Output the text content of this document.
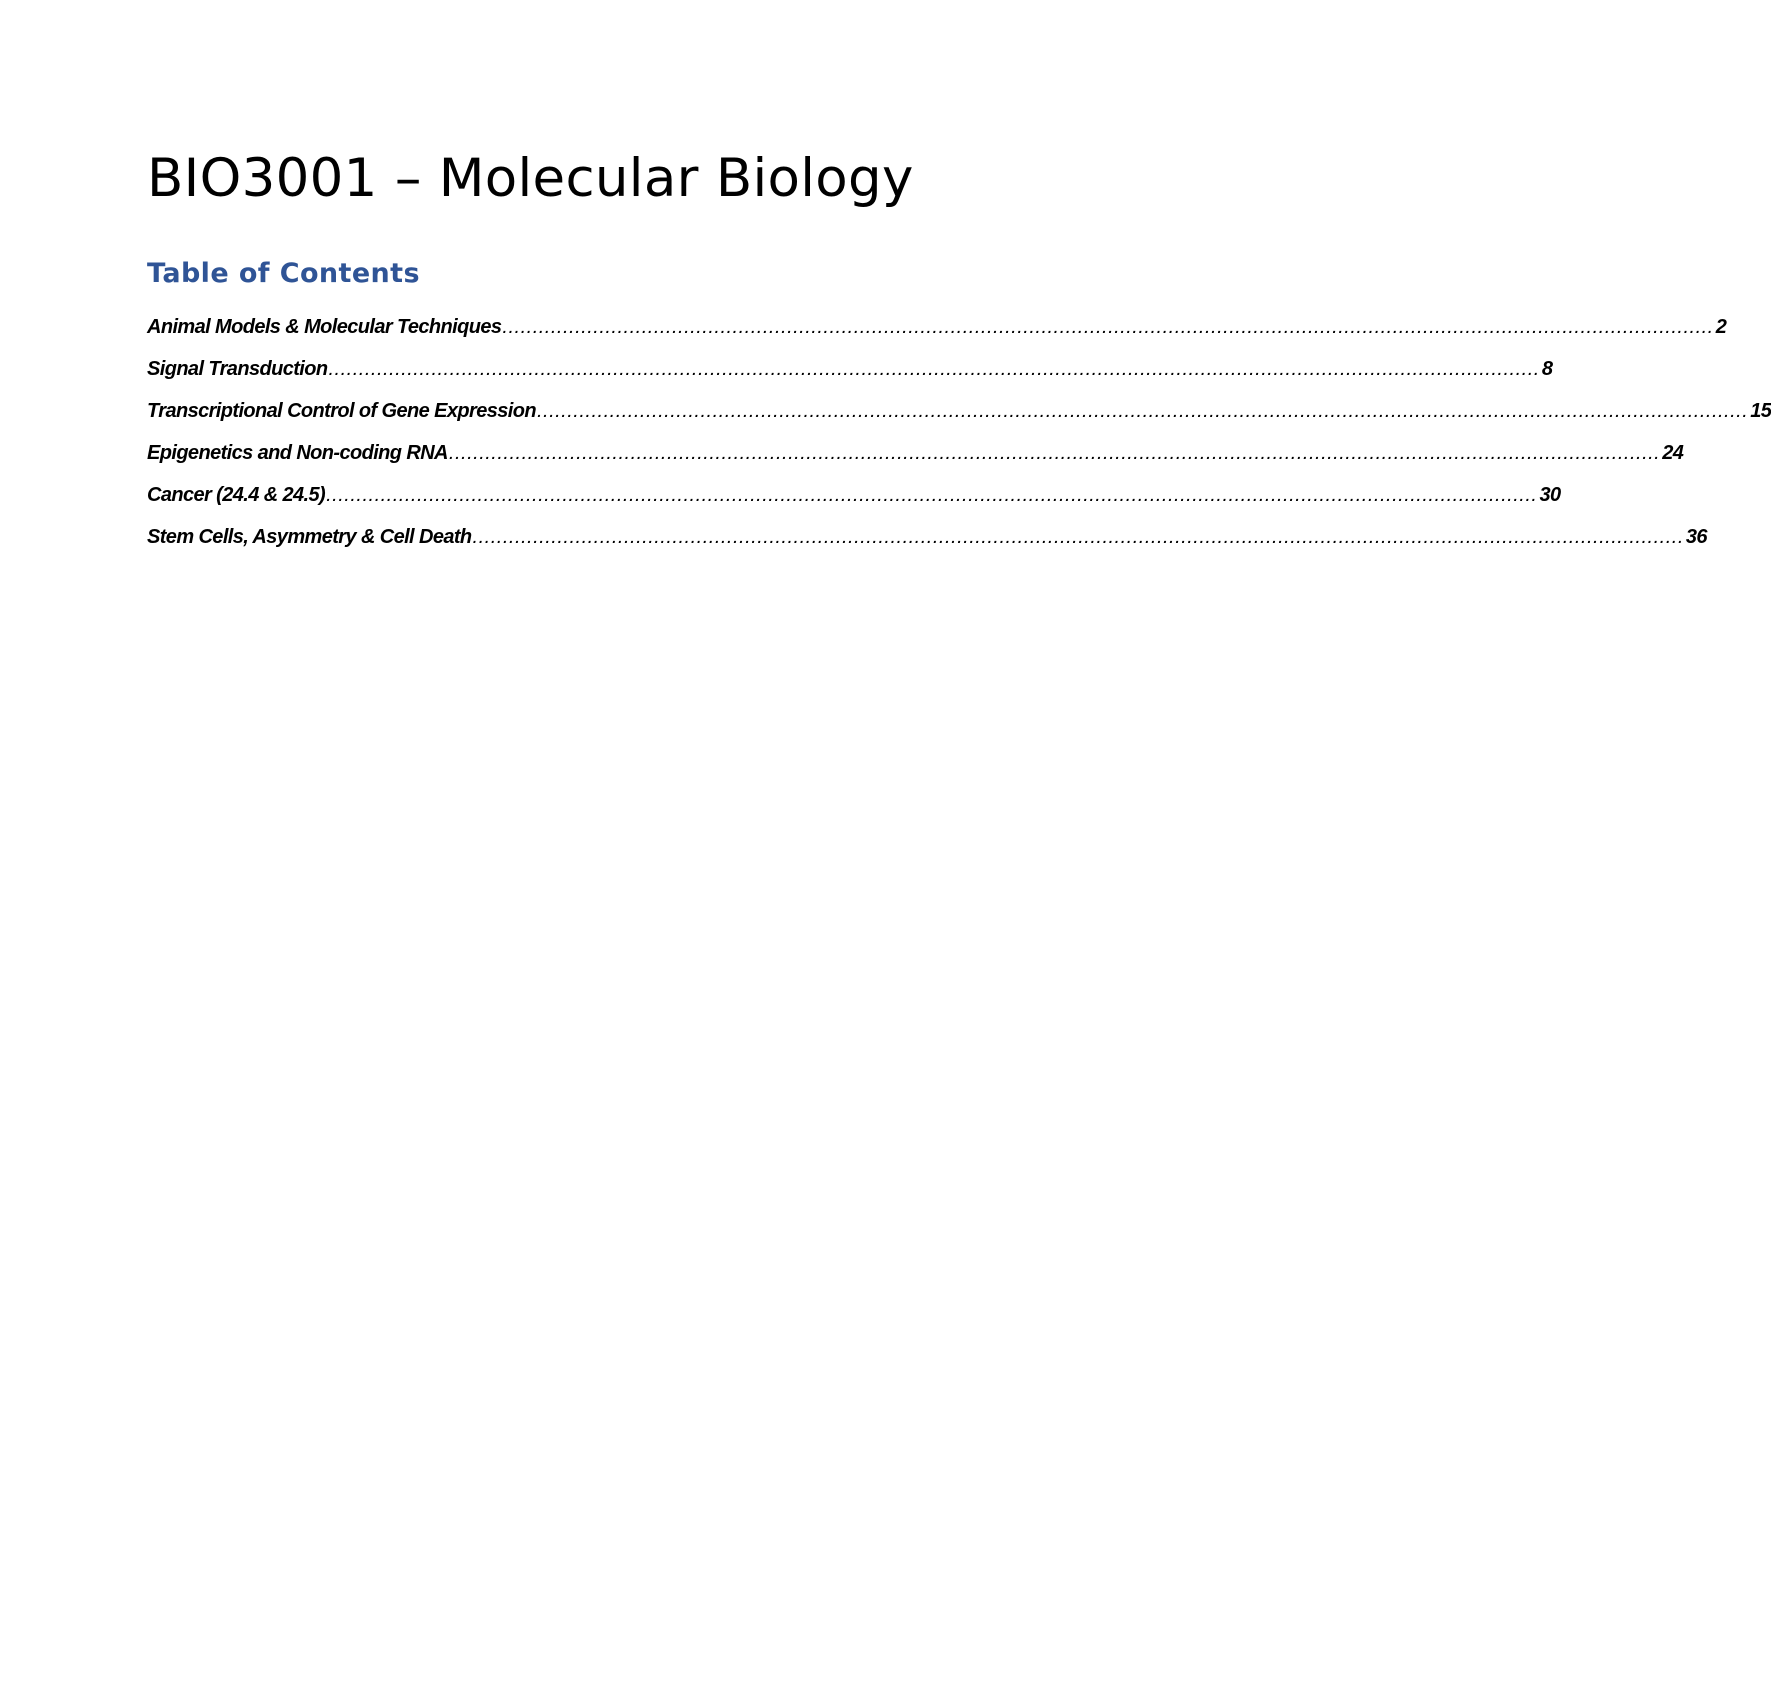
BIO3001 – Molecular Biology
Table of Contents
Animal Models & Molecular Techniques ........................................................................................................................................................................................................ 2
Signal Transduction ........................................................................................................................................................................................................ 8
Transcriptional Control of Gene Expression ........................................................................................................................................................................................................ 15
Epigenetics and Non-coding RNA ........................................................................................................................................................................................................ 24
Cancer (24.4 & 24.5) ........................................................................................................................................................................................................ 30
Stem Cells, Asymmetry & Cell Death ........................................................................................................................................................................................................ 36
